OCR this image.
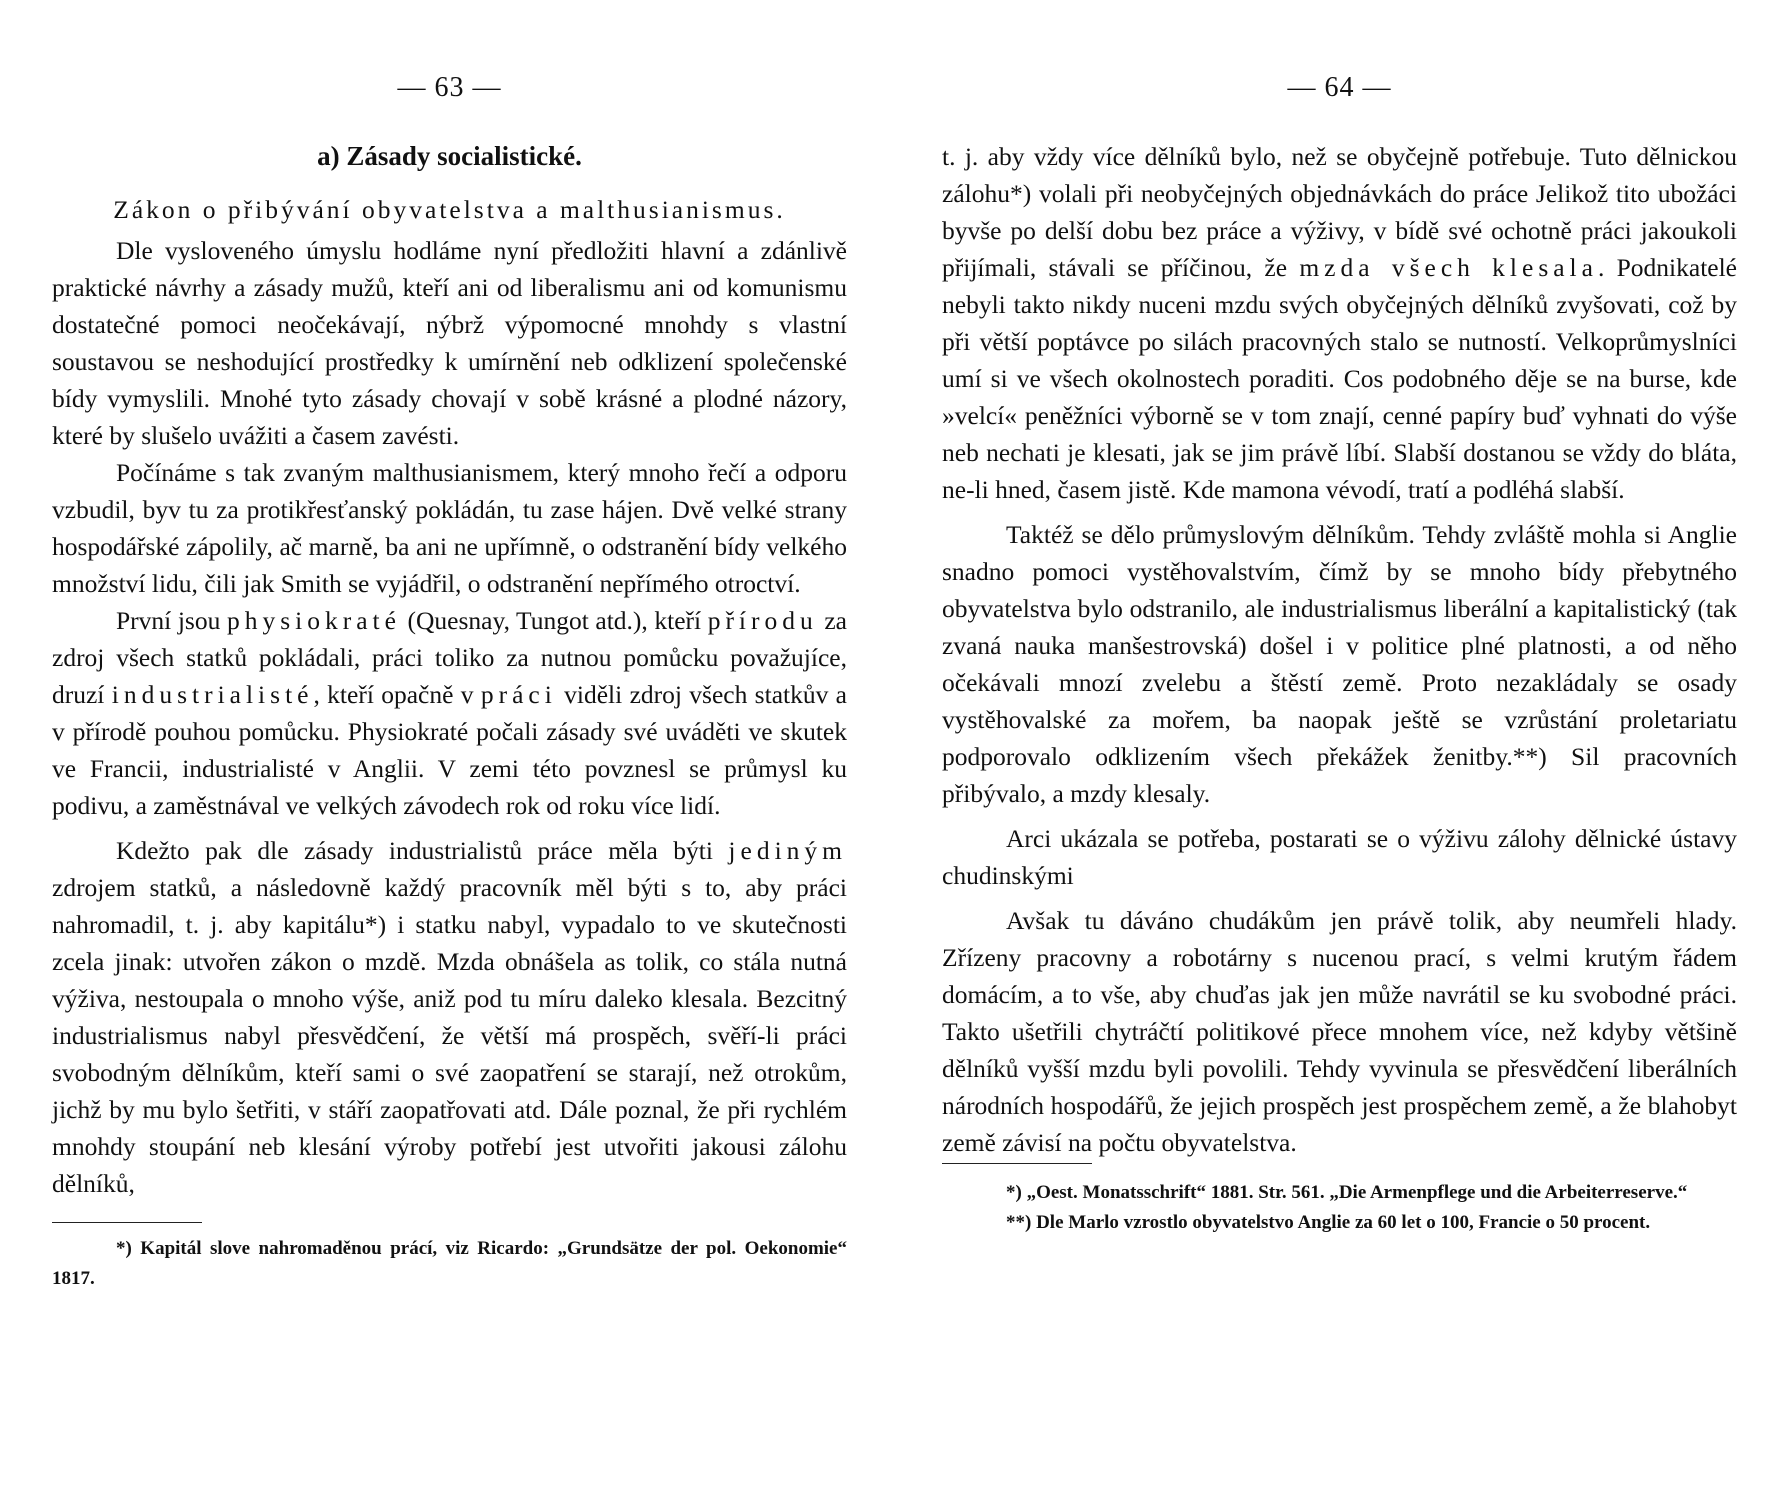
— 63 —

a) Zásady socialistické.

Zákon o přibývání obyvatelstva a malthusianismus.

Dle vysloveného úmyslu hodláme nyní předložiti hlavní a zdánlivě praktické návrhy a zásady mužů, kteří ani od liberalismu ani od komunismu dostatečné pomoci neočekávají, nýbrž výpomocné mnohdy s vlastní soustavou se neshodující prostředky k umírnění neb odklizení společenské bídy vymyslili. Mnohé tyto zásady chovají v sobě krásné a plodné názory, které by slušelo uvážiti a časem zavésti.

Počínáme s tak zvaným malthusianismem, který mnoho řečí a odporu vzbudil, byv tu za protikřesťanský pokládán, tu zase hájen. Dvě velké strany hospodářské zápolily, ač marně, ba ani ne upřímně, o odstranění bídy velkého množství lidu, čili jak Smith se vyjádřil, o odstranění nepřímého otroctví.

První jsou physiokraté (Quesnay, Tungot atd.), kteří přírodu za zdroj všech statků pokládali, práci toliko za nutnou pomůcku považujíce, druzí industrialisté, kteří opačně v práci viděli zdroj všech statkův a v přírodě pouhou pomůcku. Physiokraté počali zásady své uváděti ve skutek ve Francii, industrialisté v Anglii. V zemi této povznesl se průmysl ku podivu, a zaměstnával ve velkých závodech rok od roku více lidí.

Kdežto pak dle zásady industrialistů práce měla býti jediným zdrojem statků, a následovně každý pracovník měl býti s to, aby práci nahromadil, t. j. aby kapitálu*) i statku nabyl, vypadalo to ve skutečnosti zcela jinak: utvořen zákon o mzdě. Mzda obnášela as tolik, co stála nutná výživa, nestoupala o mnoho výše, aniž pod tu míru daleko klesala. Bezcitný industrialismus nabyl přesvědčení, že větší má prospěch, svěří-li práci svobodným dělníkům, kteří sami o své zaopatření se starají, než otrokům, jichž by mu bylo šetřiti, v stáří zaopatřovati atd. Dále poznal, že při rychlém mnohdy stoupání neb klesání výroby potřebí jest utvořiti jakousi zálohu dělníků,

*) Kapitál slove nahromaděnou prácí, viz Ricardo: „Grundsätze der pol. Oekonomie“ 1817.

— 64 —

t. j. aby vždy více dělníků bylo, než se obyčejně potřebuje. Tuto dělnickou zálohu*) volali při neobyčejných objednávkách do práce Jelikož tito ubožáci byvše po delší dobu bez práce a výživy, v bídě své ochotně práci jakoukoli přijímali, stávali se příčinou, že mzda všech klesala. Podnikatelé nebyli takto nikdy nuceni mzdu svých obyčejných dělníků zvyšovati, což by při větší poptávce po silách pracovných stalo se nutností. Velkoprůmyslníci umí si ve všech okolnostech poraditi. Cos podobného děje se na burse, kde »velcí« peněžníci výborně se v tom znají, cenné papíry buď vyhnati do výše neb nechati je klesati, jak se jim právě líbí. Slabší dostanou se vždy do bláta, ne-li hned, časem jistě. Kde mamona vévodí, tratí a podléhá slabší.

Taktéž se dělo průmyslovým dělníkům. Tehdy zvláště mohla si Anglie snadno pomoci vystěhovalstvím, čímž by se mnoho bídy přebytného obyvatelstva bylo odstranilo, ale industrialismus liberální a kapitalistický (tak zvaná nauka manšestrovská) došel i v politice plné platnosti, a od něho očekávali mnozí zvelebu a štěstí země. Proto nezakládaly se osady vystěhovalské za mořem, ba naopak ještě se vzrůstání proletariatu podporovalo odklizením všech překážek ženitby.**) Sil pracovních přibývalo, a mzdy klesaly.

Arci ukázala se potřeba, postarati se o výživu zálohy dělnické ústavy chudinskými

Avšak tu dáváno chudákům jen právě tolik, aby neumřeli hlady. Zřízeny pracovny a robotárny s nucenou prací, s velmi krutým řádem domácím, a to vše, aby chuďas jak jen může navrátil se ku svobodné práci. Takto ušetřili chytráčtí politikové přece mnohem více, než kdyby většině dělníků vyšší mzdu byli povolili. Tehdy vyvinula se přesvědčení liberálních národních hospodářů, že jejich prospěch jest prospěchem země, a že blahobyt země závisí na počtu obyvatelstva.

*) „Oest. Monatsschrift“ 1881. Str. 561. „Die Armenpflege und die Arbeiterreserve.“

**) Dle Marlo vzrostlo obyvatelstvo Anglie za 60 let o 100, Francie o 50 procent.
